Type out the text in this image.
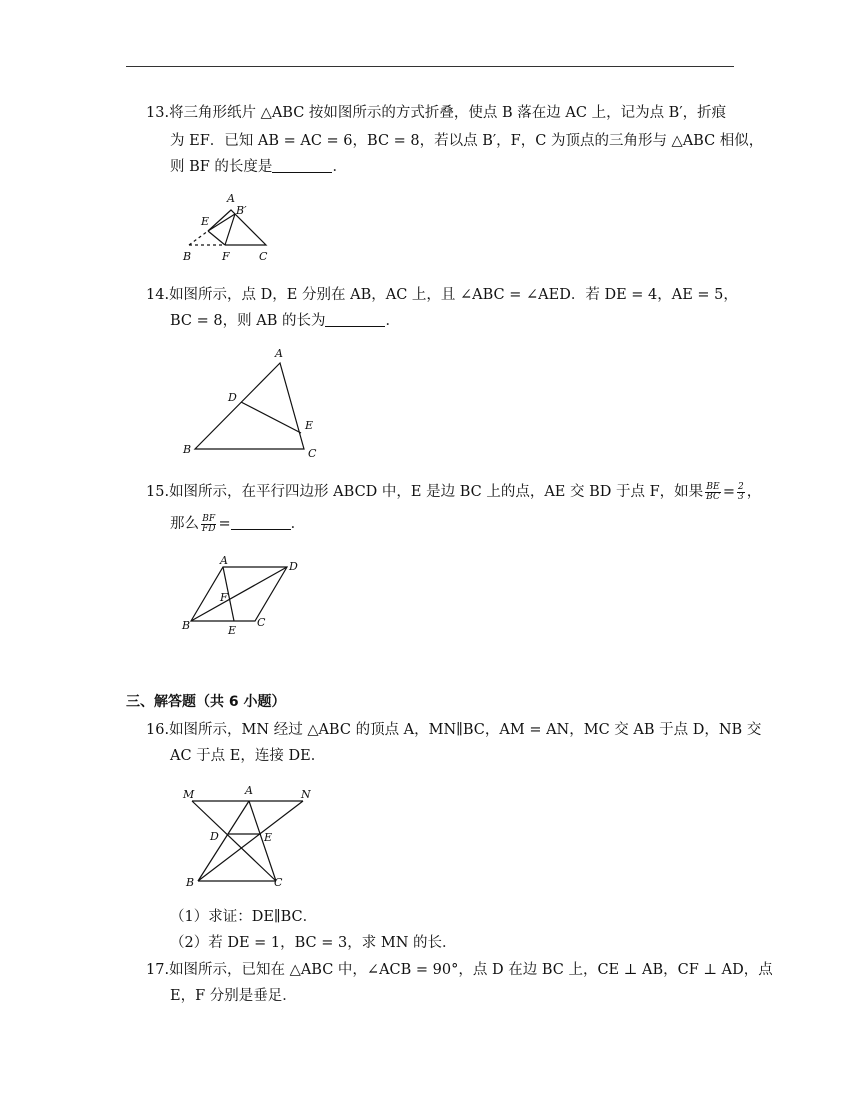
13.将三角形纸片 △ABC 按如图所示的方式折叠，使点 B 落在边 AC 上，记为点 B′，折痕
为 EF．已知 AB = AC = 6，BC = 8，若以点 B′，F，C 为顶点的三角形与 △ABC 相似，
则 BF 的长度是	．
A
B′
E
B	F	C
14.如图所示，点 D，E 分别在 AB，AC 上，且 ∠ABC = ∠AED．若 DE = 4，AE = 5，
BC = 8，则 AB 的长为	．
A
D
E
B	C
15.如图所示，在平行四边形 ABCD 中，E 是边 BC 上的点，AE 交 BD 于点 F，如果 $\frac{BE}{BC} = \frac{2}{3}$ ，
那么 $\frac{BF}{FD}$ =	．
A	D
F
B	E
C
三、解答题（共 6 小题）
16.如图所示，MN 经过 △ABC 的顶点 A，MN∥BC，AM = AN，MC 交 AB 于点 D，NB 交
AC 于点 E，连接 DE．
M	A	N
D	E
B	C
（1）求证：DE∥BC．
（2）若 DE = 1，BC = 3，求 MN 的长．
17.如图所示，已知在 △ABC 中，∠ACB = 90°，点 D 在边 BC 上，CE ⊥ AB，CF ⊥ AD，点
E，F 分别是垂足．
